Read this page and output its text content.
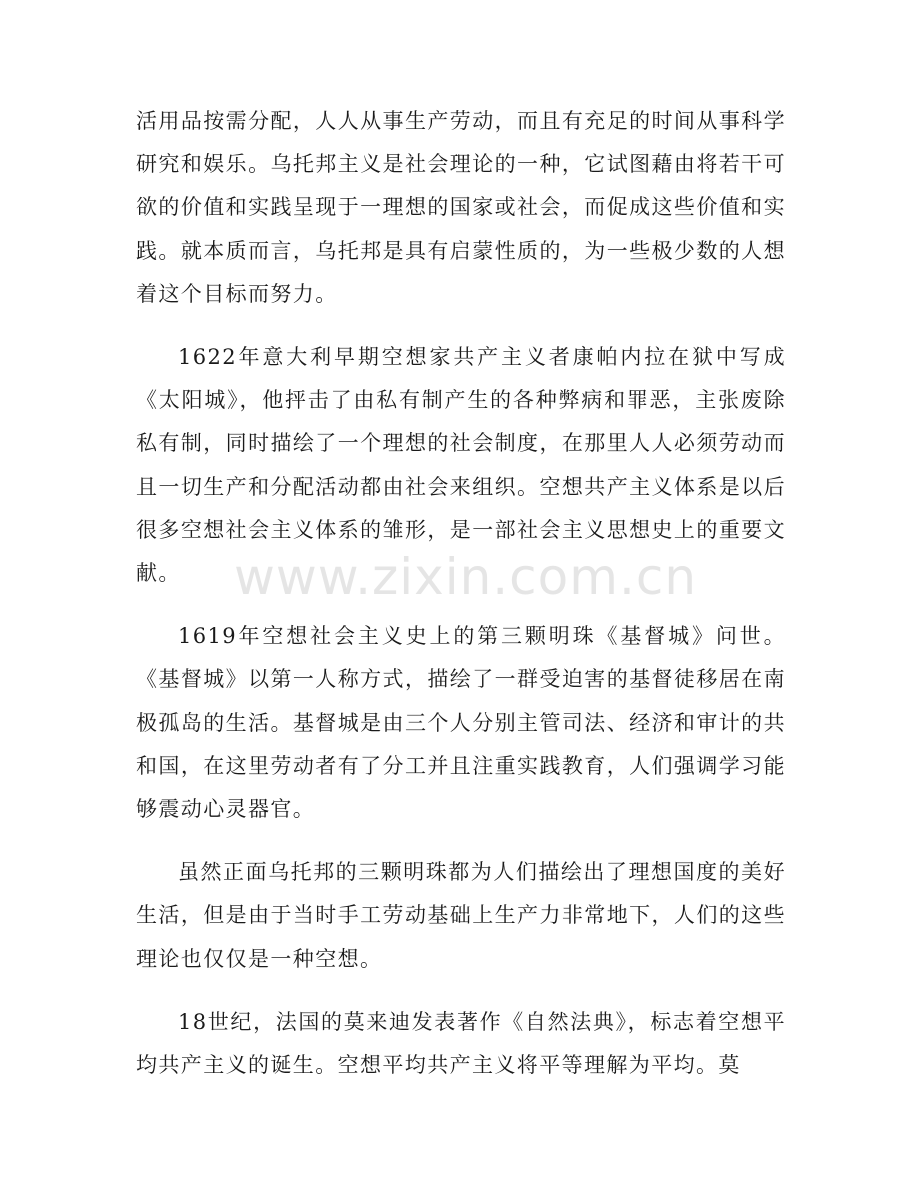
活用品按需分配，人人从事生产劳动，而且有充足的时间从事科学研究和娱乐。乌托邦主义是社会理论的一种，它试图藉由将若干可欲的价值和实践呈现于一理想的国家或社会，而促成这些价值和实践。就本质而言，乌托邦是具有启蒙性质的，为一些极少数的人想着这个目标而努力。

1622年意大利早期空想家共产主义者康帕内拉在狱中写成《太阳城》，他抨击了由私有制产生的各种弊病和罪恶，主张废除私有制，同时描绘了一个理想的社会制度，在那里人人必须劳动而且一切生产和分配活动都由社会来组织。空想共产主义体系是以后很多空想社会主义体系的雏形，是一部社会主义思想史上的重要文献。

1619年空想社会主义史上的第三颗明珠《基督城》问世。《基督城》以第一人称方式，描绘了一群受迫害的基督徒移居在南极孤岛的生活。基督城是由三个人分别主管司法、经济和审计的共和国，在这里劳动者有了分工并且注重实践教育，人们强调学习能够震动心灵器官。

虽然正面乌托邦的三颗明珠都为人们描绘出了理想国度的美好生活，但是由于当时手工劳动基础上生产力非常地下，人们的这些理论也仅仅是一种空想。

18世纪，法国的莫来迪发表著作《自然法典》，标志着空想平均共产主义的诞生。空想平均共产主义将平等理解为平均。莫

www.zixin.com.cn
